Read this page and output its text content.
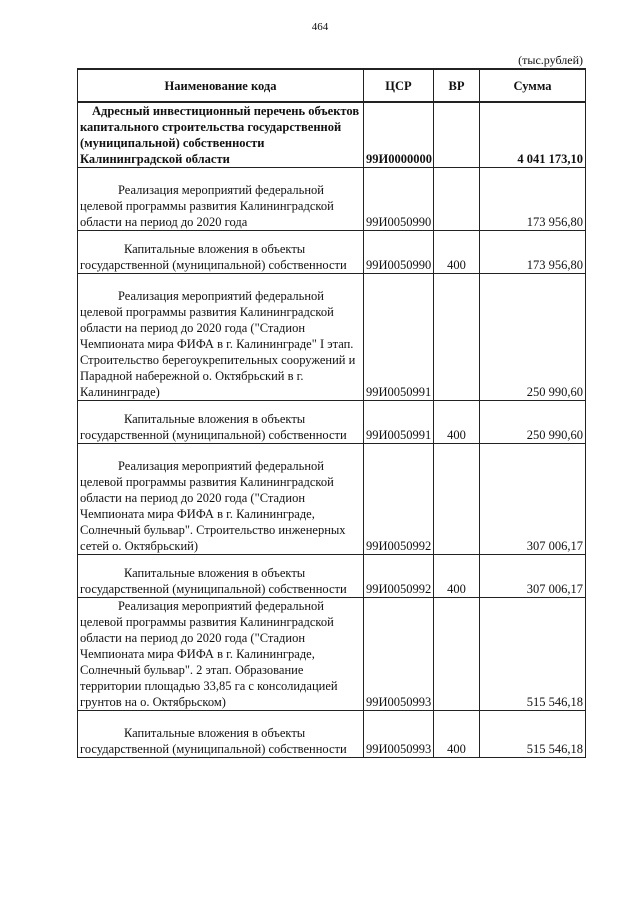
464
(тыс.рублей)
Наименование кода	ЦСР	ВР	Сумма
Адресный инвестиционный перечень объектов капитального строительства государственной (муниципальной) собственности Калининградской области	99И0000000		4 041 173,10
Реализация мероприятий федеральной целевой программы развития Калининградской области на период до 2020 года	99И0050990		173 956,80
Капитальные вложения в объекты государственной (муниципальной) собственности	99И0050990	400	173 956,80
Реализация мероприятий федеральной целевой программы развития Калининградской области на период до 2020 года ("Стадион Чемпионата мира ФИФА в г. Калининграде" I этап. Строительство берегоукрепительных сооружений и Парадной набережной о. Октябрьский в г. Калининграде)	99И0050991		250 990,60
Капитальные вложения в объекты государственной (муниципальной) собственности	99И0050991	400	250 990,60
Реализация мероприятий федеральной целевой программы развития Калининградской области на период до 2020 года ("Стадион Чемпионата мира ФИФА в г. Калининграде, Солнечный бульвар". Строительство инженерных сетей о. Октябрьский)	99И0050992		307 006,17
Капитальные вложения в объекты государственной (муниципальной) собственности	99И0050992	400	307 006,17
Реализация мероприятий федеральной целевой программы развития Калининградской области на период до 2020 года ("Стадион Чемпионата мира ФИФА в г. Калининграде, Солнечный бульвар". 2 этап. Образование территории площадью 33,85 га с консолидацией грунтов на о. Октябрьском)	99И0050993		515 546,18
Капитальные вложения в объекты государственной (муниципальной) собственности	99И0050993	400	515 546,18
